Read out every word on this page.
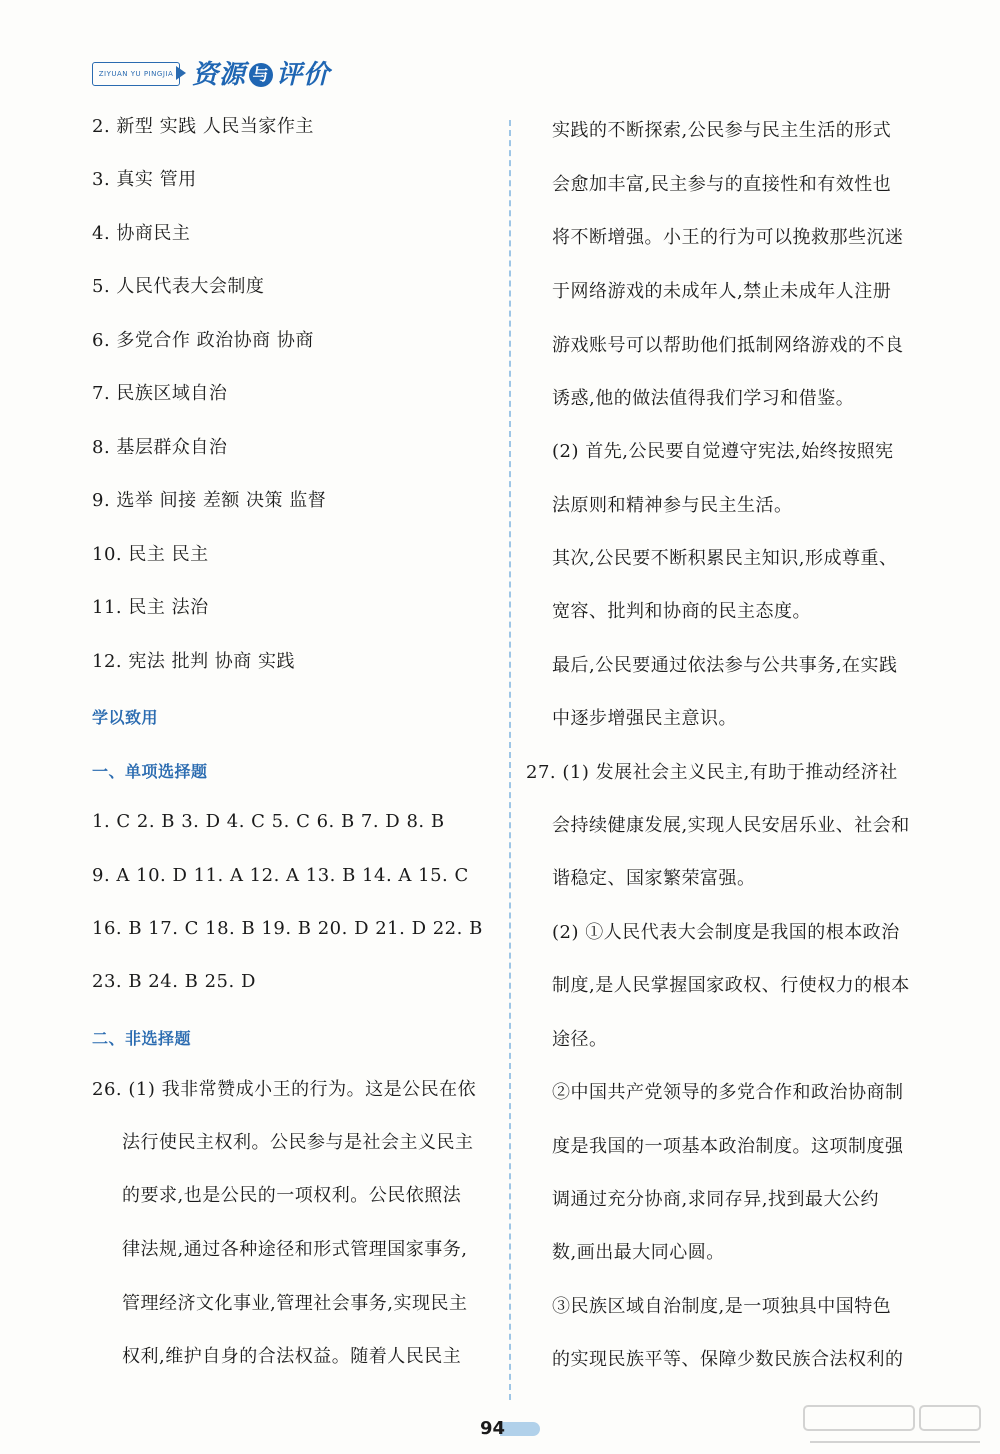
ZIYUAN YU PINGJIA 资源 与 评价
2. 新型 实践 人民当家作主
3. 真实 管用
4. 协商民主
5. 人民代表大会制度
6. 多党合作 政治协商 协商
7. 民族区域自治
8. 基层群众自治
9. 选举 间接 差额 决策 监督
10. 民主 民主
11. 民主 法治
12. 宪法 批判 协商 实践
学以致用
一、单项选择题
1. C 2. B 3. D 4. C 5. C 6. B 7. D 8. B
9. A 10. D 11. A 12. A 13. B 14. A 15. C
16. B 17. C 18. B 19. B 20. D 21. D 22. B
23. B 24. B 25. D
二、非选择题
26. (1) 我非常赞成小王的行为。这是公民在依
法行使民主权利。公民参与是社会主义民主
的要求,也是公民的一项权利。公民依照法
律法规,通过各种途径和形式管理国家事务,
管理经济文化事业,管理社会事务,实现民主
权利,维护自身的合法权益。随着人民民主
实践的不断探索,公民参与民主生活的形式
会愈加丰富,民主参与的直接性和有效性也
将不断增强。小王的行为可以挽救那些沉迷
于网络游戏的未成年人,禁止未成年人注册
游戏账号可以帮助他们抵制网络游戏的不良
诱惑,他的做法值得我们学习和借鉴。
(2) 首先,公民要自觉遵守宪法,始终按照宪
法原则和精神参与民主生活。
其次,公民要不断积累民主知识,形成尊重、
宽容、批判和协商的民主态度。
最后,公民要通过依法参与公共事务,在实践
中逐步增强民主意识。
27. (1) 发展社会主义民主,有助于推动经济社
会持续健康发展,实现人民安居乐业、社会和
谐稳定、国家繁荣富强。
(2) ①人民代表大会制度是我国的根本政治
制度,是人民掌握国家政权、行使权力的根本
途径。
②中国共产党领导的多党合作和政治协商制
度是我国的一项基本政治制度。这项制度强
调通过充分协商,求同存异,找到最大公约
数,画出最大同心圆。
③民族区域自治制度,是一项独具中国特色
的实现民族平等、保障少数民族合法权利的
94
